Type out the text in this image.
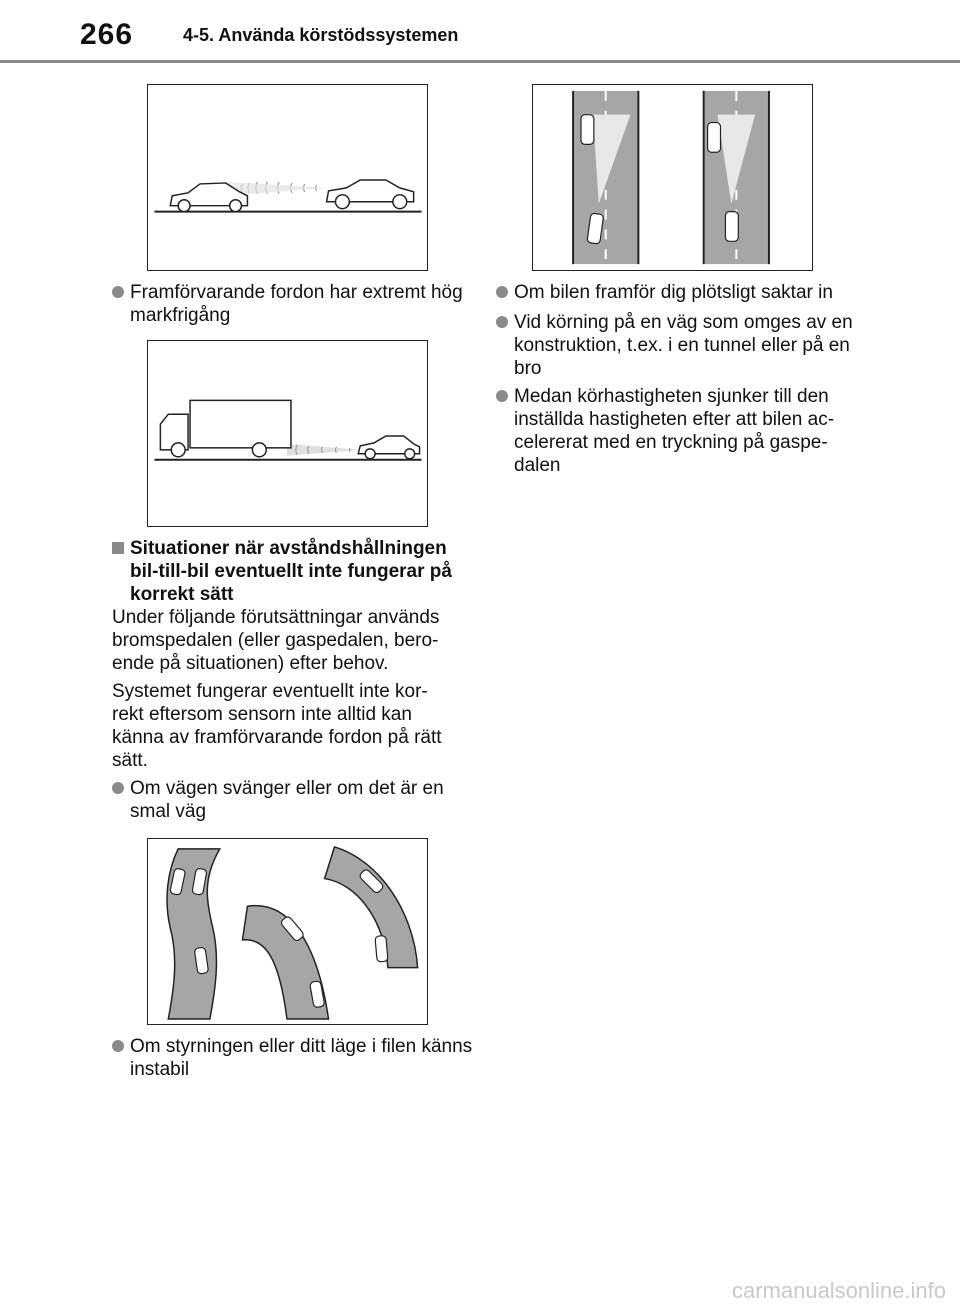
266	4-5. Använda körstödssystemen
Framförvarande fordon har extremt hög markfrigång
Situationer när avståndshållningen bil-till-bil eventuellt inte fungerar på korrekt sätt
Under följande förutsättningar används bromspedalen (eller gaspedalen, bero- ende på situationen) efter behov.
Systemet fungerar eventuellt inte kor- rekt eftersom sensorn inte alltid kan känna av framförvarande fordon på rätt sätt.
Om vägen svänger eller om det är en smal väg
Om styrningen eller ditt läge i filen känns instabil
Om bilen framför dig plötsligt saktar in
Vid körning på en väg som omges av en konstruktion, t.ex. i en tunnel eller på en bro
Medan körhastigheten sjunker till den inställda hastigheten efter att bilen ac- celererat med en tryckning på gaspe- dalen
carmanualsonline.info
